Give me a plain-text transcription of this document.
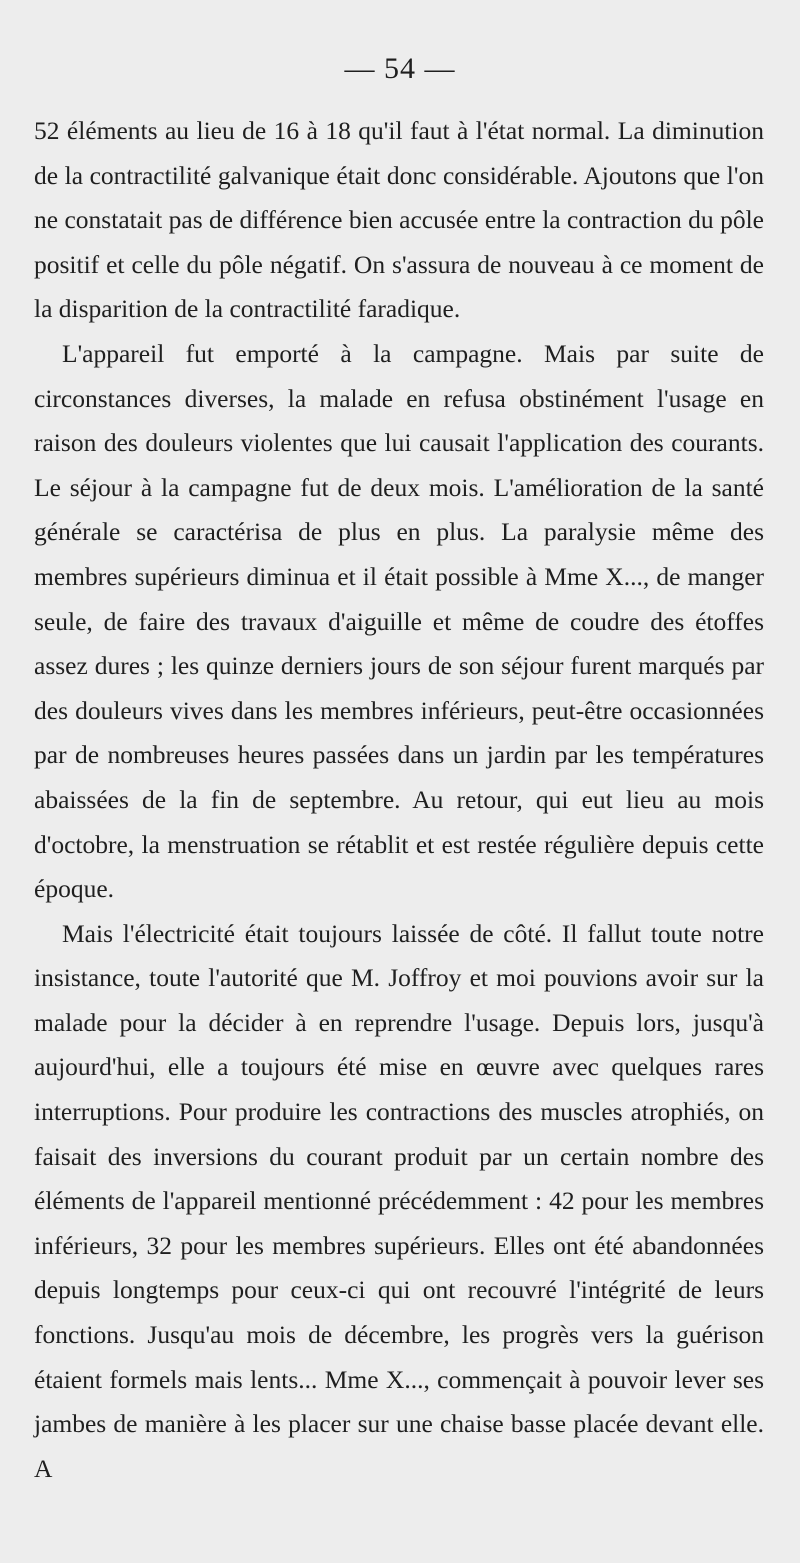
— 54 —

52 éléments au lieu de 16 à 18 qu'il faut à l'état normal. La diminution de la contractilité galvanique était donc considérable. Ajoutons que l'on ne constatait pas de différence bien accusée entre la contraction du pôle positif et celle du pôle négatif. On s'assura de nouveau à ce moment de la disparition de la contractilité faradique.

L'appareil fut emporté à la campagne. Mais par suite de circonstances diverses, la malade en refusa obstinément l'usage en raison des douleurs violentes que lui causait l'application des courants. Le séjour à la campagne fut de deux mois. L'amélioration de la santé générale se caractérisa de plus en plus. La paralysie même des membres supérieurs diminua et il était possible à Mme X..., de manger seule, de faire des travaux d'aiguille et même de coudre des étoffes assez dures ; les quinze derniers jours de son séjour furent marqués par des douleurs vives dans les membres inférieurs, peut-être occasionnées par de nombreuses heures passées dans un jardin par les températures abaissées de la fin de septembre. Au retour, qui eut lieu au mois d'octobre, la menstruation se rétablit et est restée régulière depuis cette époque.

Mais l'électricité était toujours laissée de côté. Il fallut toute notre insistance, toute l'autorité que M. Joffroy et moi pouvions avoir sur la malade pour la décider à en reprendre l'usage. Depuis lors, jusqu'à aujourd'hui, elle a toujours été mise en œuvre avec quelques rares interruptions. Pour produire les contractions des muscles atrophiés, on faisait des inversions du courant produit par un certain nombre des éléments de l'appareil mentionné précédemment : 42 pour les membres inférieurs, 32 pour les membres supérieurs. Elles ont été abandonnées depuis longtemps pour ceux-ci qui ont recouvré l'intégrité de leurs fonctions. Jusqu'au mois de décembre, les progrès vers la guérison étaient formels mais lents... Mme X..., commençait à pouvoir lever ses jambes de manière à les placer sur une chaise basse placée devant elle. A
